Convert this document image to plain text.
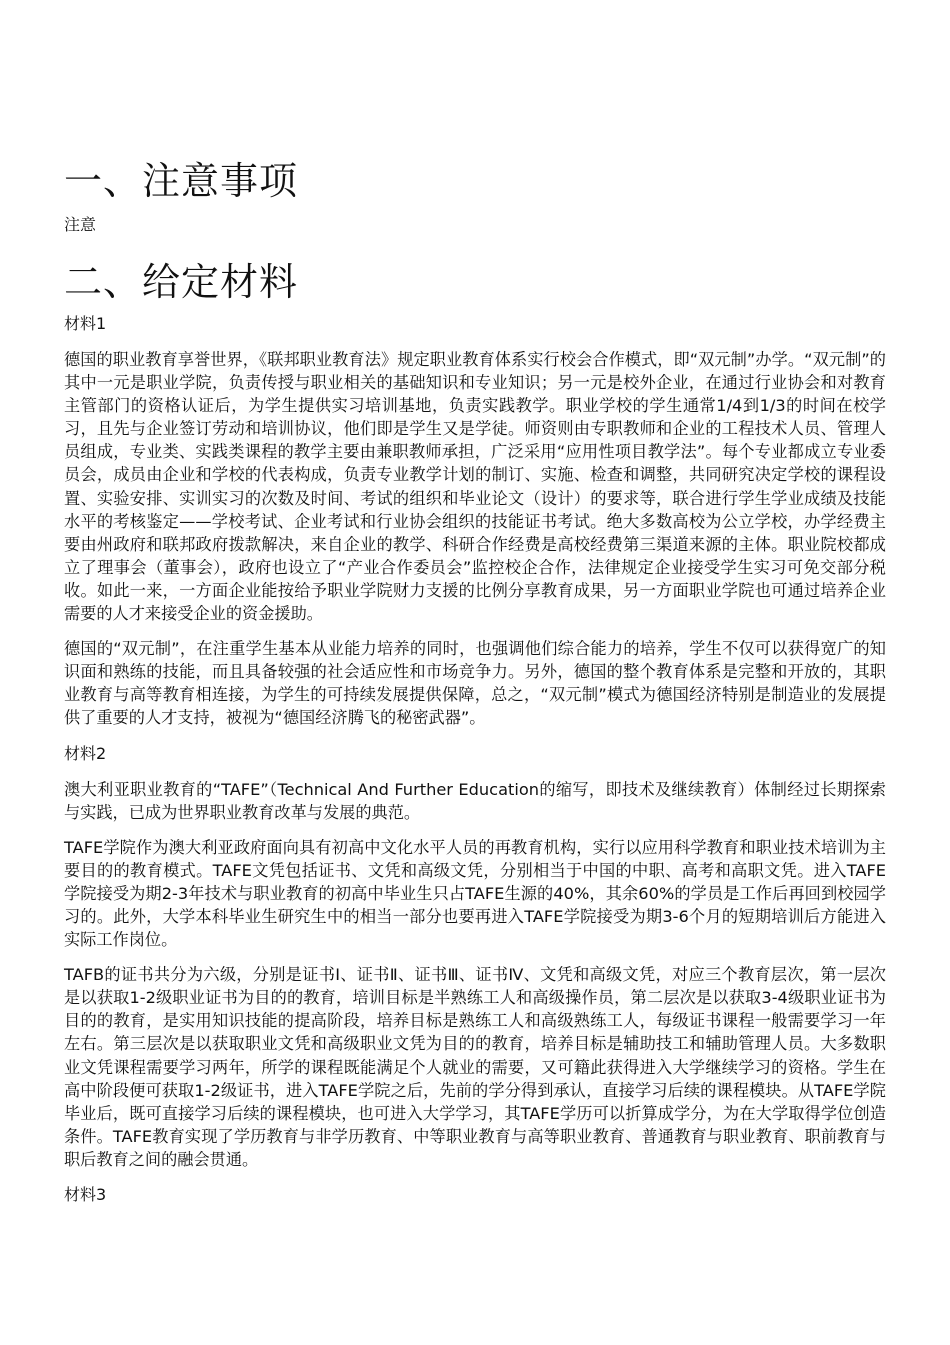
一、注意事项

注意

二、给定材料

材料1

德国的职业教育享誉世界，《联邦职业教育法》规定职业教育体系实行校会合作模式，即“双元制”办学。“双元制”的其中一元是职业学院，负责传授与职业相关的基础知识和专业知识；另一元是校外企业，在通过行业协会和对教育主管部门的资格认证后，为学生提供实习培训基地，负责实践教学。职业学校的学生通常1/4到1/3的时间在校学习，且先与企业签订劳动和培训协议，他们即是学生又是学徒。师资则由专职教师和企业的工程技术人员、管理人员组成，专业类、实践类课程的教学主要由兼职教师承担，广泛采用“应用性项目教学法”。每个专业都成立专业委员会，成员由企业和学校的代表构成，负责专业教学计划的制订、实施、检查和调整，共同研究决定学校的课程设置、实验安排、实训实习的次数及时间、考试的组织和毕业论文（设计）的要求等，联合进行学生学业成绩及技能水平的考核鉴定——学校考试、企业考试和行业协会组织的技能证书考试。绝大多数高校为公立学校，办学经费主要由州政府和联邦政府拨款解决，来自企业的教学、科研合作经费是高校经费第三渠道来源的主体。职业院校都成立了理事会（董事会），政府也设立了“产业合作委员会”监控校企合作，法律规定企业接受学生实习可免交部分税收。如此一来，一方面企业能按给予职业学院财力支援的比例分享教育成果，另一方面职业学院也可通过培养企业需要的人才来接受企业的资金援助。

德国的“双元制”，在注重学生基本从业能力培养的同时，也强调他们综合能力的培养，学生不仅可以获得宽广的知识面和熟练的技能，而且具备较强的社会适应性和市场竞争力。另外，德国的整个教育体系是完整和开放的，其职业教育与高等教育相连接，为学生的可持续发展提供保障，总之，“双元制”模式为德国经济特别是制造业的发展提供了重要的人才支持，被视为“德国经济腾飞的秘密武器”。

材料2

澳大利亚职业教育的“TAFE”（Technical And Further Education的缩写，即技术及继续教育）体制经过长期探索与实践，已成为世界职业教育改革与发展的典范。

TAFE学院作为澳大利亚政府面向具有初高中文化水平人员的再教育机构，实行以应用科学教育和职业技术培训为主要目的的教育模式。TAFE文凭包括证书、文凭和高级文凭，分别相当于中国的中职、高考和高职文凭。进入TAFE学院接受为期2-3年技术与职业教育的初高中毕业生只占TAFE生源的40%，其余60%的学员是工作后再回到校园学习的。此外，大学本科毕业生研究生中的相当一部分也要再进入TAFE学院接受为期3-6个月的短期培训后方能进入实际工作岗位。

TAFB的证书共分为六级，分别是证书Ⅰ、证书Ⅱ、证书Ⅲ、证书Ⅳ、文凭和高级文凭，对应三个教育层次，第一层次是以获取1-2级职业证书为目的的教育，培训目标是半熟练工人和高级操作员，第二层次是以获取3-4级职业证书为目的的教育，是实用知识技能的提高阶段，培养目标是熟练工人和高级熟练工人，每级证书课程一般需要学习一年左右。第三层次是以获取职业文凭和高级职业文凭为目的的教育，培养目标是辅助技工和辅助管理人员。大多数职业文凭课程需要学习两年，所学的课程既能满足个人就业的需要，又可籍此获得进入大学继续学习的资格。学生在高中阶段便可获取1-2级证书，进入TAFE学院之后，先前的学分得到承认，直接学习后续的课程模块。从TAFE学院毕业后，既可直接学习后续的课程模块，也可进入大学学习，其TAFE学历可以折算成学分，为在大学取得学位创造条件。TAFE教育实现了学历教育与非学历教育、中等职业教育与高等职业教育、普通教育与职业教育、职前教育与职后教育之间的融会贯通。

材料3
